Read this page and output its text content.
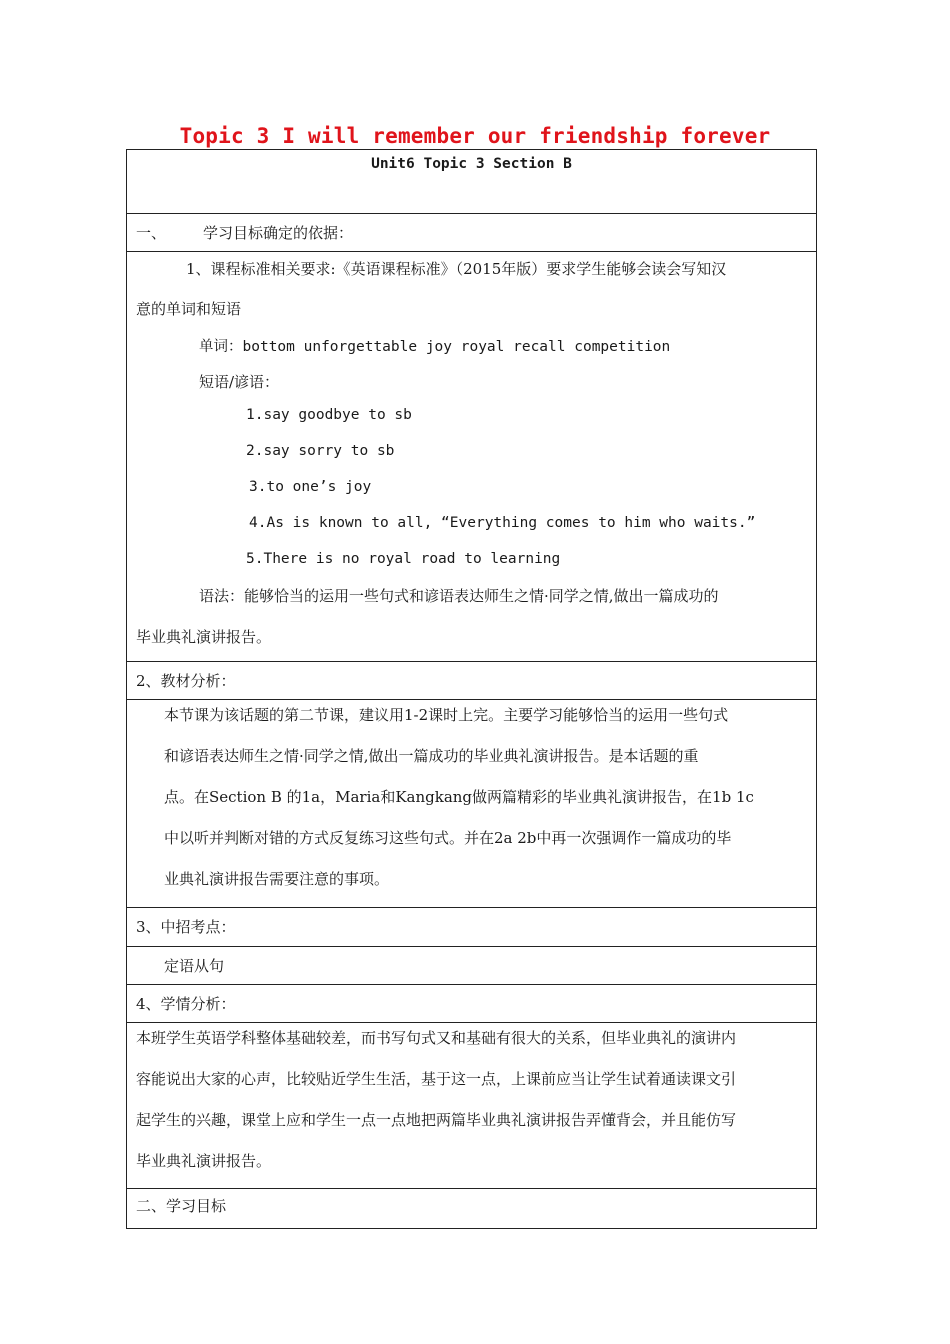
Topic 3 I will remember our friendship forever
Unit6 Topic 3 Section B
一、 学习目标确定的依据：
1、课程标准相关要求:《英语课程标准》（2015年版）要求学生能够会读会写知汉
意的单词和短语
单词：bottom unforgettable joy royal recall competition
短语/谚语：
1.say goodbye to sb
2.say sorry to sb
3.to one’s joy
4.As is known to all, “Everything comes to him who waits.”
5.There is no royal road to learning
语法：能够恰当的运用一些句式和谚语表达师生之情·同学之情,做出一篇成功的
毕业典礼演讲报告。
2、教材分析：
本节课为该话题的第二节课，建议用1-2课时上完。主要学习能够恰当的运用一些句式
和谚语表达师生之情·同学之情,做出一篇成功的毕业典礼演讲报告。是本话题的重
点。在Section B 的1a，Maria和Kangkang做两篇精彩的毕业典礼演讲报告，在1b 1c
中以听并判断对错的方式反复练习这些句式。并在2a 2b中再一次强调作一篇成功的毕
业典礼演讲报告需要注意的事项。
3、中招考点：
定语从句
4、学情分析：
本班学生英语学科整体基础较差，而书写句式又和基础有很大的关系，但毕业典礼的演讲内
容能说出大家的心声，比较贴近学生生活，基于这一点，上课前应当让学生试着通读课文引
起学生的兴趣，课堂上应和学生一点一点地把两篇毕业典礼演讲报告弄懂背会，并且能仿写
毕业典礼演讲报告。
二、学习目标
